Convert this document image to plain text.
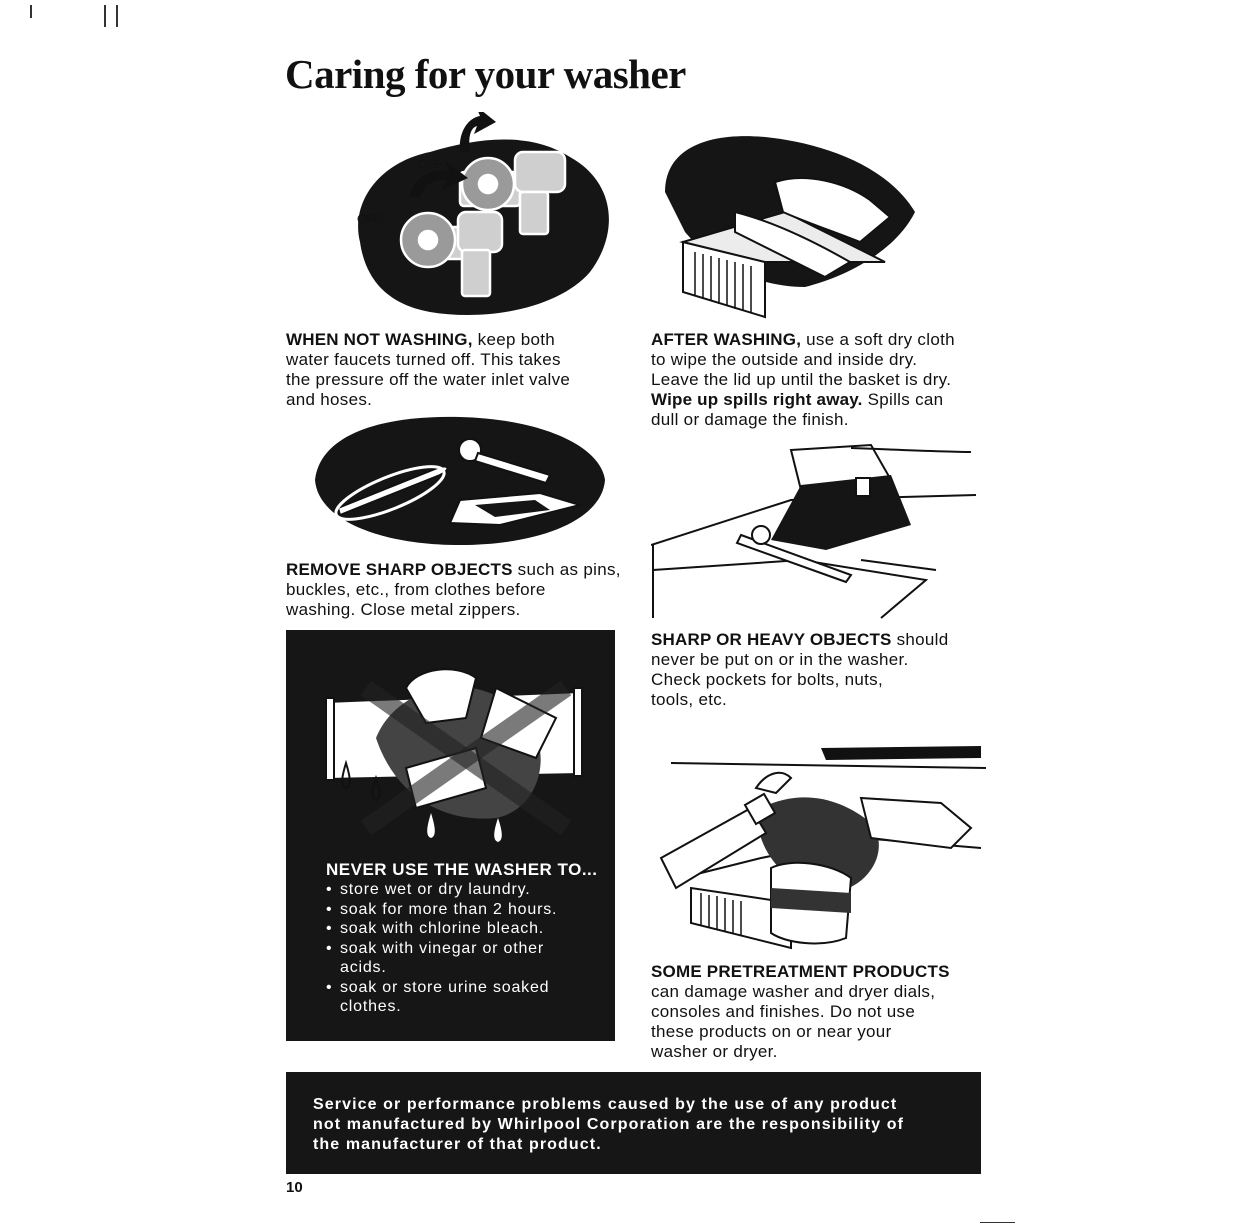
Caring for your washer
OFF
OFF
WHEN NOT WASHING, keep both
water faucets turned off. This takes
the pressure off the water inlet valve
and hoses.
AFTER WASHING, use a soft dry cloth
to wipe the outside and inside dry.
Leave the lid up until the basket is dry.
Wipe up spills right away. Spills can
dull or damage the finish.
REMOVE SHARP OBJECTS such as pins,
buckles, etc., from clothes before
washing. Close metal zippers.
SHARP OR HEAVY OBJECTS should
never be put on or in the washer.
Check pockets for bolts, nuts,
tools, etc.
NEVER USE THE WASHER TO...
• store wet or dry laundry.
• soak for more than 2 hours.
• soak with chlorine bleach.
• soak with vinegar or other acids.
• soak or store urine soaked clothes.
SOME PRETREATMENT PRODUCTS
can damage washer and dryer dials,
consoles and finishes. Do not use
these products on or near your
washer or dryer.
Service or performance problems caused by the use of any product
not manufactured by Whirlpool Corporation are the responsibility of
the manufacturer of that product.
10
